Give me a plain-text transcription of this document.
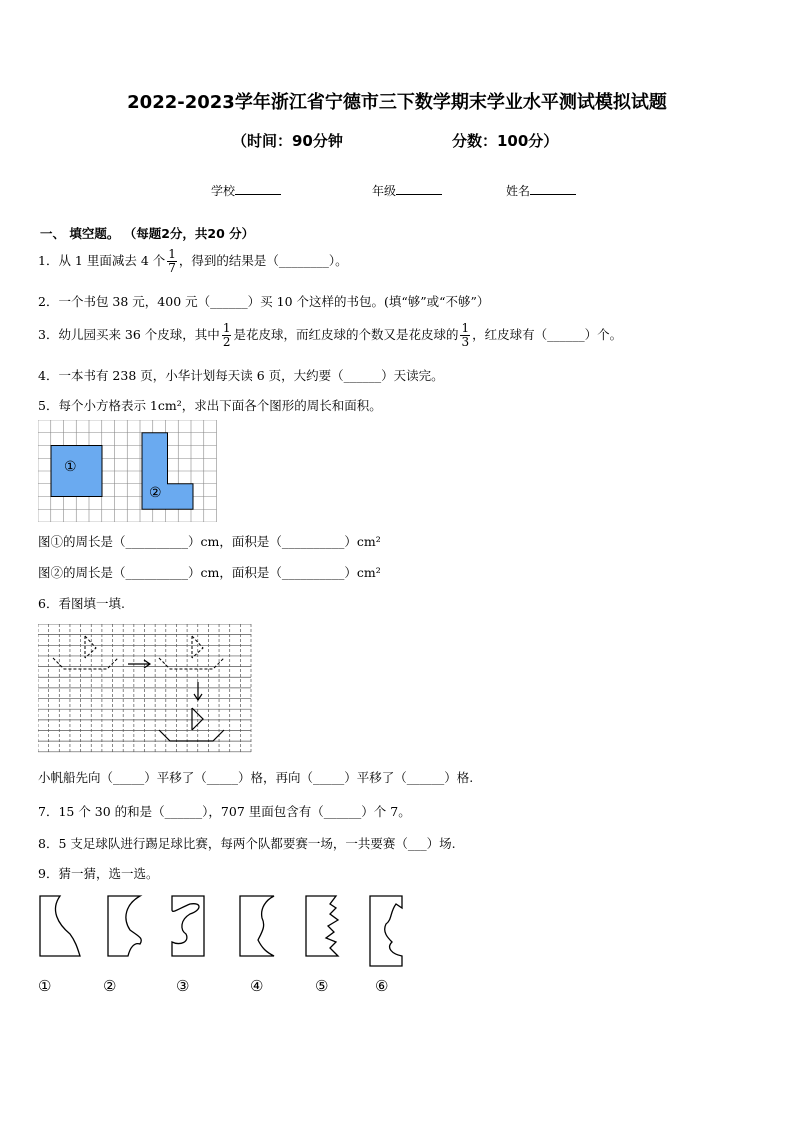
2022-2023学年浙江省宁德市三下数学期末学业水平测试模拟试题
（时间：90分钟	分数：100分）
学校	年级	姓名
一、 填空题。 （每题2分，共20 分）
1．从 1 里面减去 4 个 $\frac{1}{7}$ ，得到的结果是（________）。
2．一个书包 38 元，400 元（______）买 10 个这样的书包。(填“够”或“不够”）
3．幼儿园买来 36 个皮球，其中 $\frac{1}{2}$ 是花皮球，而红皮球的个数又是花皮球的 $\frac{1}{3}$ ，红皮球有（______）个。
4．一本书有 238 页，小华计划每天读 6 页，大约要（______）天读完。
5．每个小方格表示 1cm²，求出下面各个图形的周长和面积。
①
②
图①的周长是（__________）cm，面积是（__________）cm²
图②的周长是（__________）cm，面积是（__________）cm²
6．看图填一填.
小帆船先向（_____）平移了（_____）格，再向（_____）平移了（______）格.
7．15 个 30 的和是（______），707 里面包含有（______）个 7。
8．5 支足球队进行踢足球比赛，每两个队都要赛一场，一共要赛（___）场.
9．猜一猜，选一选。
①	②	③	④	⑤	⑥
